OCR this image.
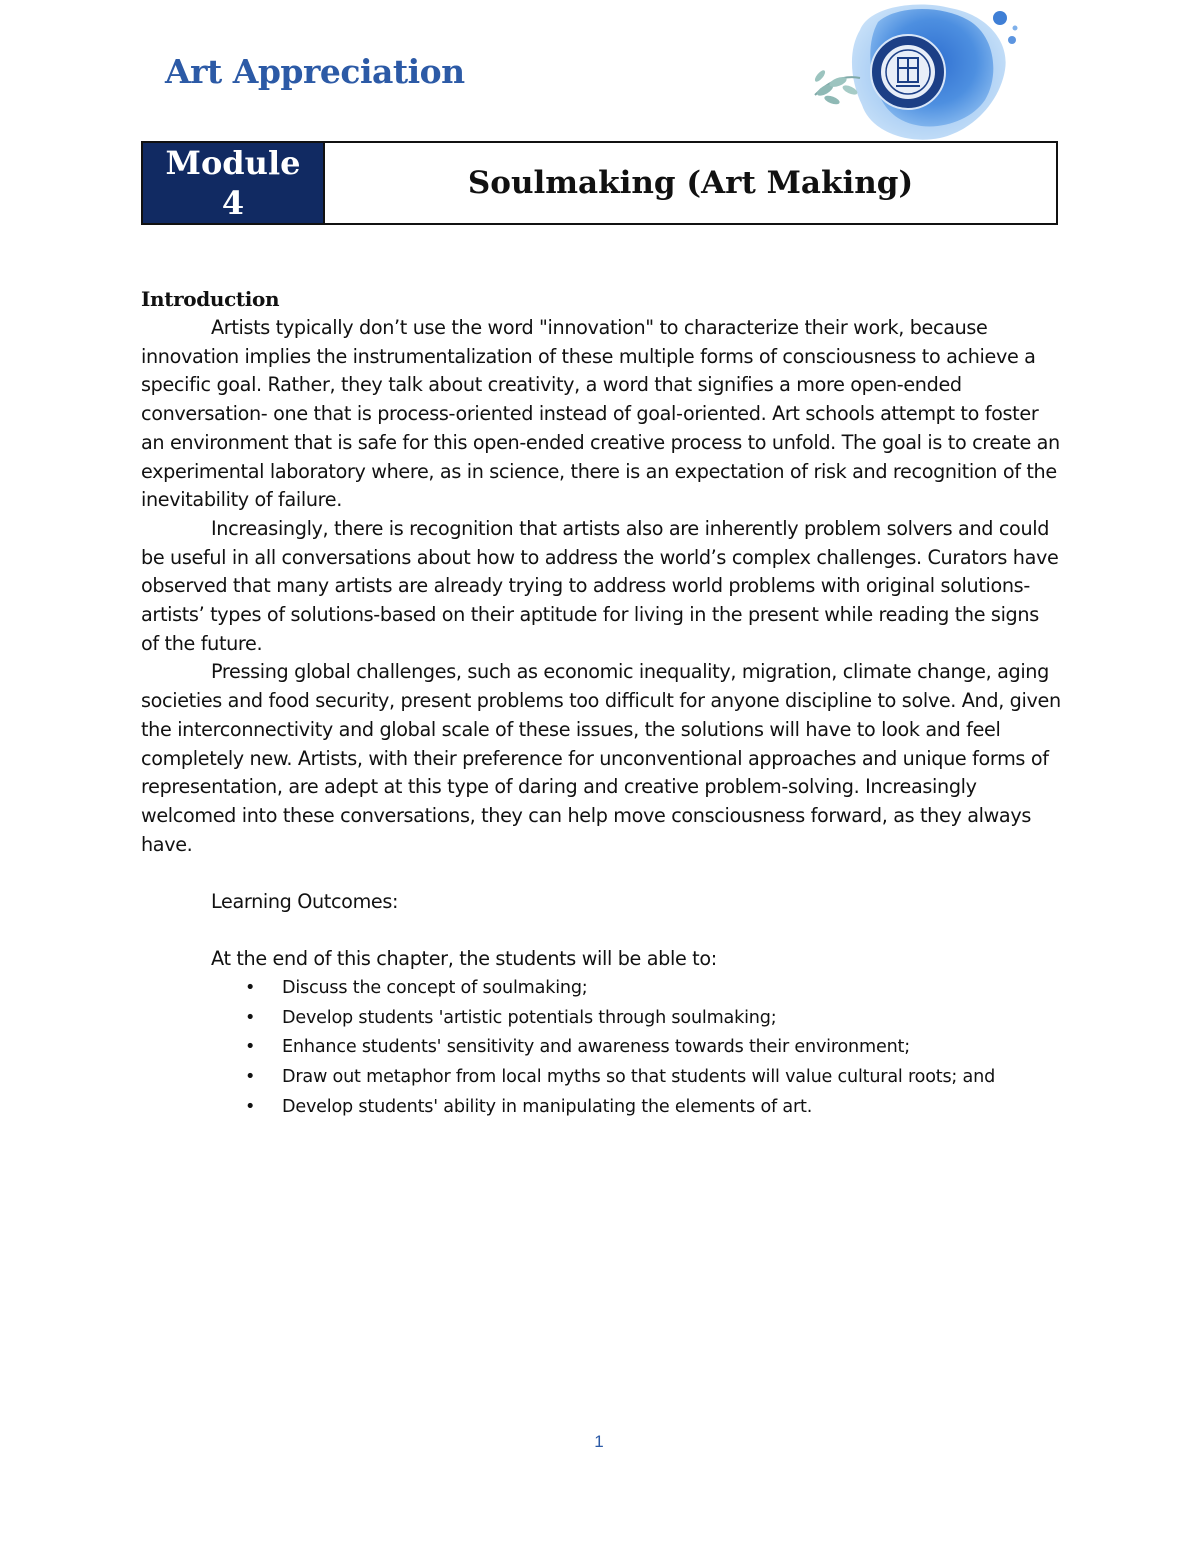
Art Appreciation
Module
4
Soulmaking (Art Making)
Introduction

Artists typically don’t use the word "innovation" to characterize their work, because innovation implies the instrumentalization of these multiple forms of consciousness to achieve a specific goal. Rather, they talk about creativity, a word that signifies a more open-ended conversation- one that is process-oriented instead of goal-oriented. Art schools attempt to foster an environment that is safe for this open-ended creative process to unfold. The goal is to create an experimental laboratory where, as in science, there is an expectation of risk and recognition of the inevitability of failure.

Increasingly, there is recognition that artists also are inherently problem solvers and could be useful in all conversations about how to address the world’s complex challenges. Curators have observed that many artists are already trying to address world problems with original solutions- artists’ types of solutions-based on their aptitude for living in the present while reading the signs of the future.

Pressing global challenges, such as economic inequality, migration, climate change, aging societies and food security, present problems too difficult for anyone discipline to solve. And, given the interconnectivity and global scale of these issues, the solutions will have to look and feel completely new. Artists, with their preference for unconventional approaches and unique forms of representation, are adept at this type of daring and creative problem-solving. Increasingly welcomed into these conversations, they can help move consciousness forward, as they always have.

Learning Outcomes:
At the end of this chapter, the students will be able to:
• Discuss the concept of soulmaking;
• Develop students 'artistic potentials through soulmaking;
• Enhance students' sensitivity and awareness towards their environment;
• Draw out metaphor from local myths so that students will value cultural roots; and
• Develop students' ability in manipulating the elements of art.
1
